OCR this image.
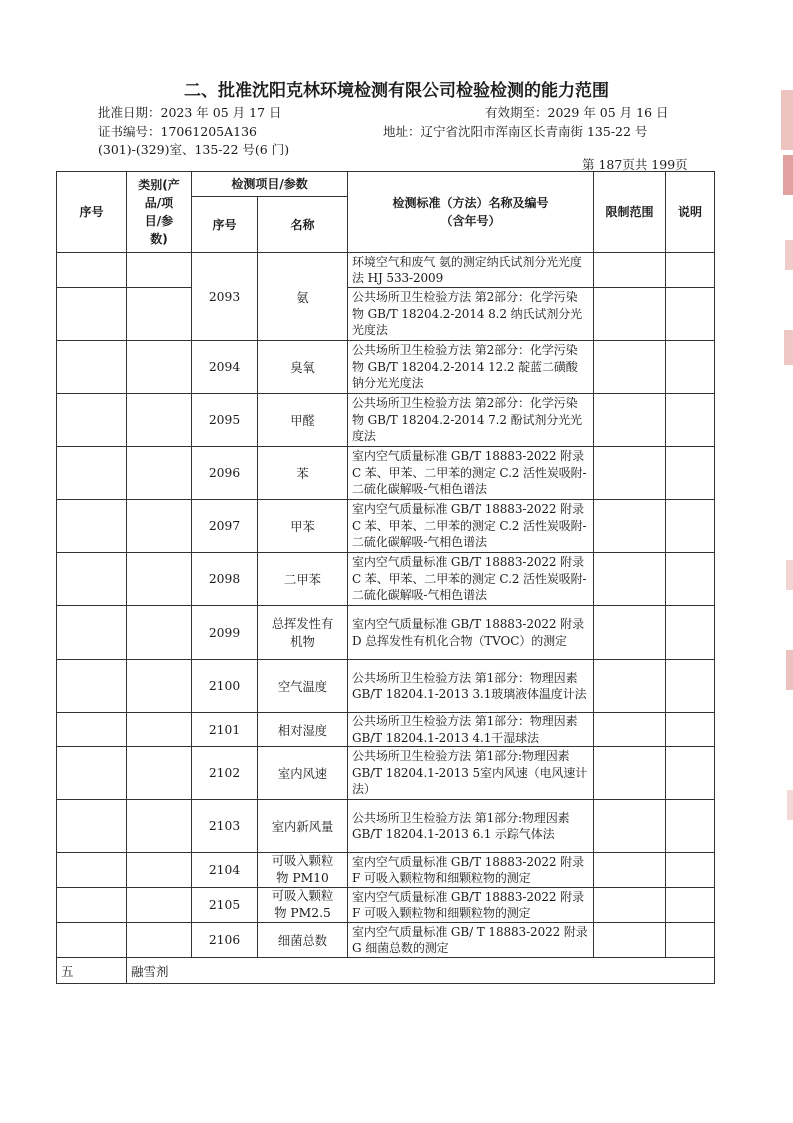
二、批准沈阳克林环境检测有限公司检验检测的能力范围
批准日期：2023 年 05 月 17 日	有效期至：2029 年 05 月 16 日
证书编号：17061205A136	地址：辽宁省沈阳市浑南区长青南街 135-22 号
(301)-(329)室、135-22 号(6 门)
第 187页共 199页
序号	类别(产品/项目/参数)	检测项目/参数		检测标准（方法）名称及编号（含年号）	限制范围	说明
		序号	名称			
		2093	氨	环境空气和废气 氨的测定纳氏试剂分光光度法 HJ 533-2009		
				公共场所卫生检验方法 第2部分：化学污染物 GB/T 18204.2-2014 8.2 纳氏试剂分光光度法		
		2094	臭氧	公共场所卫生检验方法 第2部分：化学污染物 GB/T 18204.2-2014 12.2 靛蓝二磺酸钠分光光度法		
		2095	甲醛	公共场所卫生检验方法 第2部分：化学污染物 GB/T 18204.2-2014 7.2 酚试剂分光光度法		
		2096	苯	室内空气质量标准 GB/T 18883-2022 附录C 苯、甲苯、二甲苯的测定 C.2 活性炭吸附-二硫化碳解吸-气相色谱法		
		2097	甲苯	室内空气质量标准 GB/T 18883-2022 附录C 苯、甲苯、二甲苯的测定 C.2 活性炭吸附-二硫化碳解吸-气相色谱法		
		2098	二甲苯	室内空气质量标准 GB/T 18883-2022 附录C 苯、甲苯、二甲苯的测定 C.2 活性炭吸附-二硫化碳解吸-气相色谱法		
		2099	总挥发性有机物	室内空气质量标准 GB/T 18883-2022 附录D 总挥发性有机化合物（TVOC）的测定		
		2100	空气温度	公共场所卫生检验方法 第1部分：物理因素 GB/T 18204.1-2013 3.1玻璃液体温度计法		
		2101	相对湿度	公共场所卫生检验方法 第1部分：物理因素 GB/T 18204.1-2013 4.1干湿球法		
		2102	室内风速	公共场所卫生检验方法 第1部分:物理因素 GB/T 18204.1-2013 5室内风速（电风速计法）		
		2103	室内新风量	公共场所卫生检验方法 第1部分:物理因素 GB/T 18204.1-2013 6.1 示踪气体法		
		2104	可吸入颗粒物 PM10	室内空气质量标准 GB/T 18883-2022 附录F 可吸入颗粒物和细颗粒物的测定		
		2105	可吸入颗粒物 PM2.5	室内空气质量标准 GB/T 18883-2022 附录F 可吸入颗粒物和细颗粒物的测定		
		2106	细菌总数	室内空气质量标准 GB/ T 18883-2022 附录G 细菌总数的测定		
五	融雪剂					
